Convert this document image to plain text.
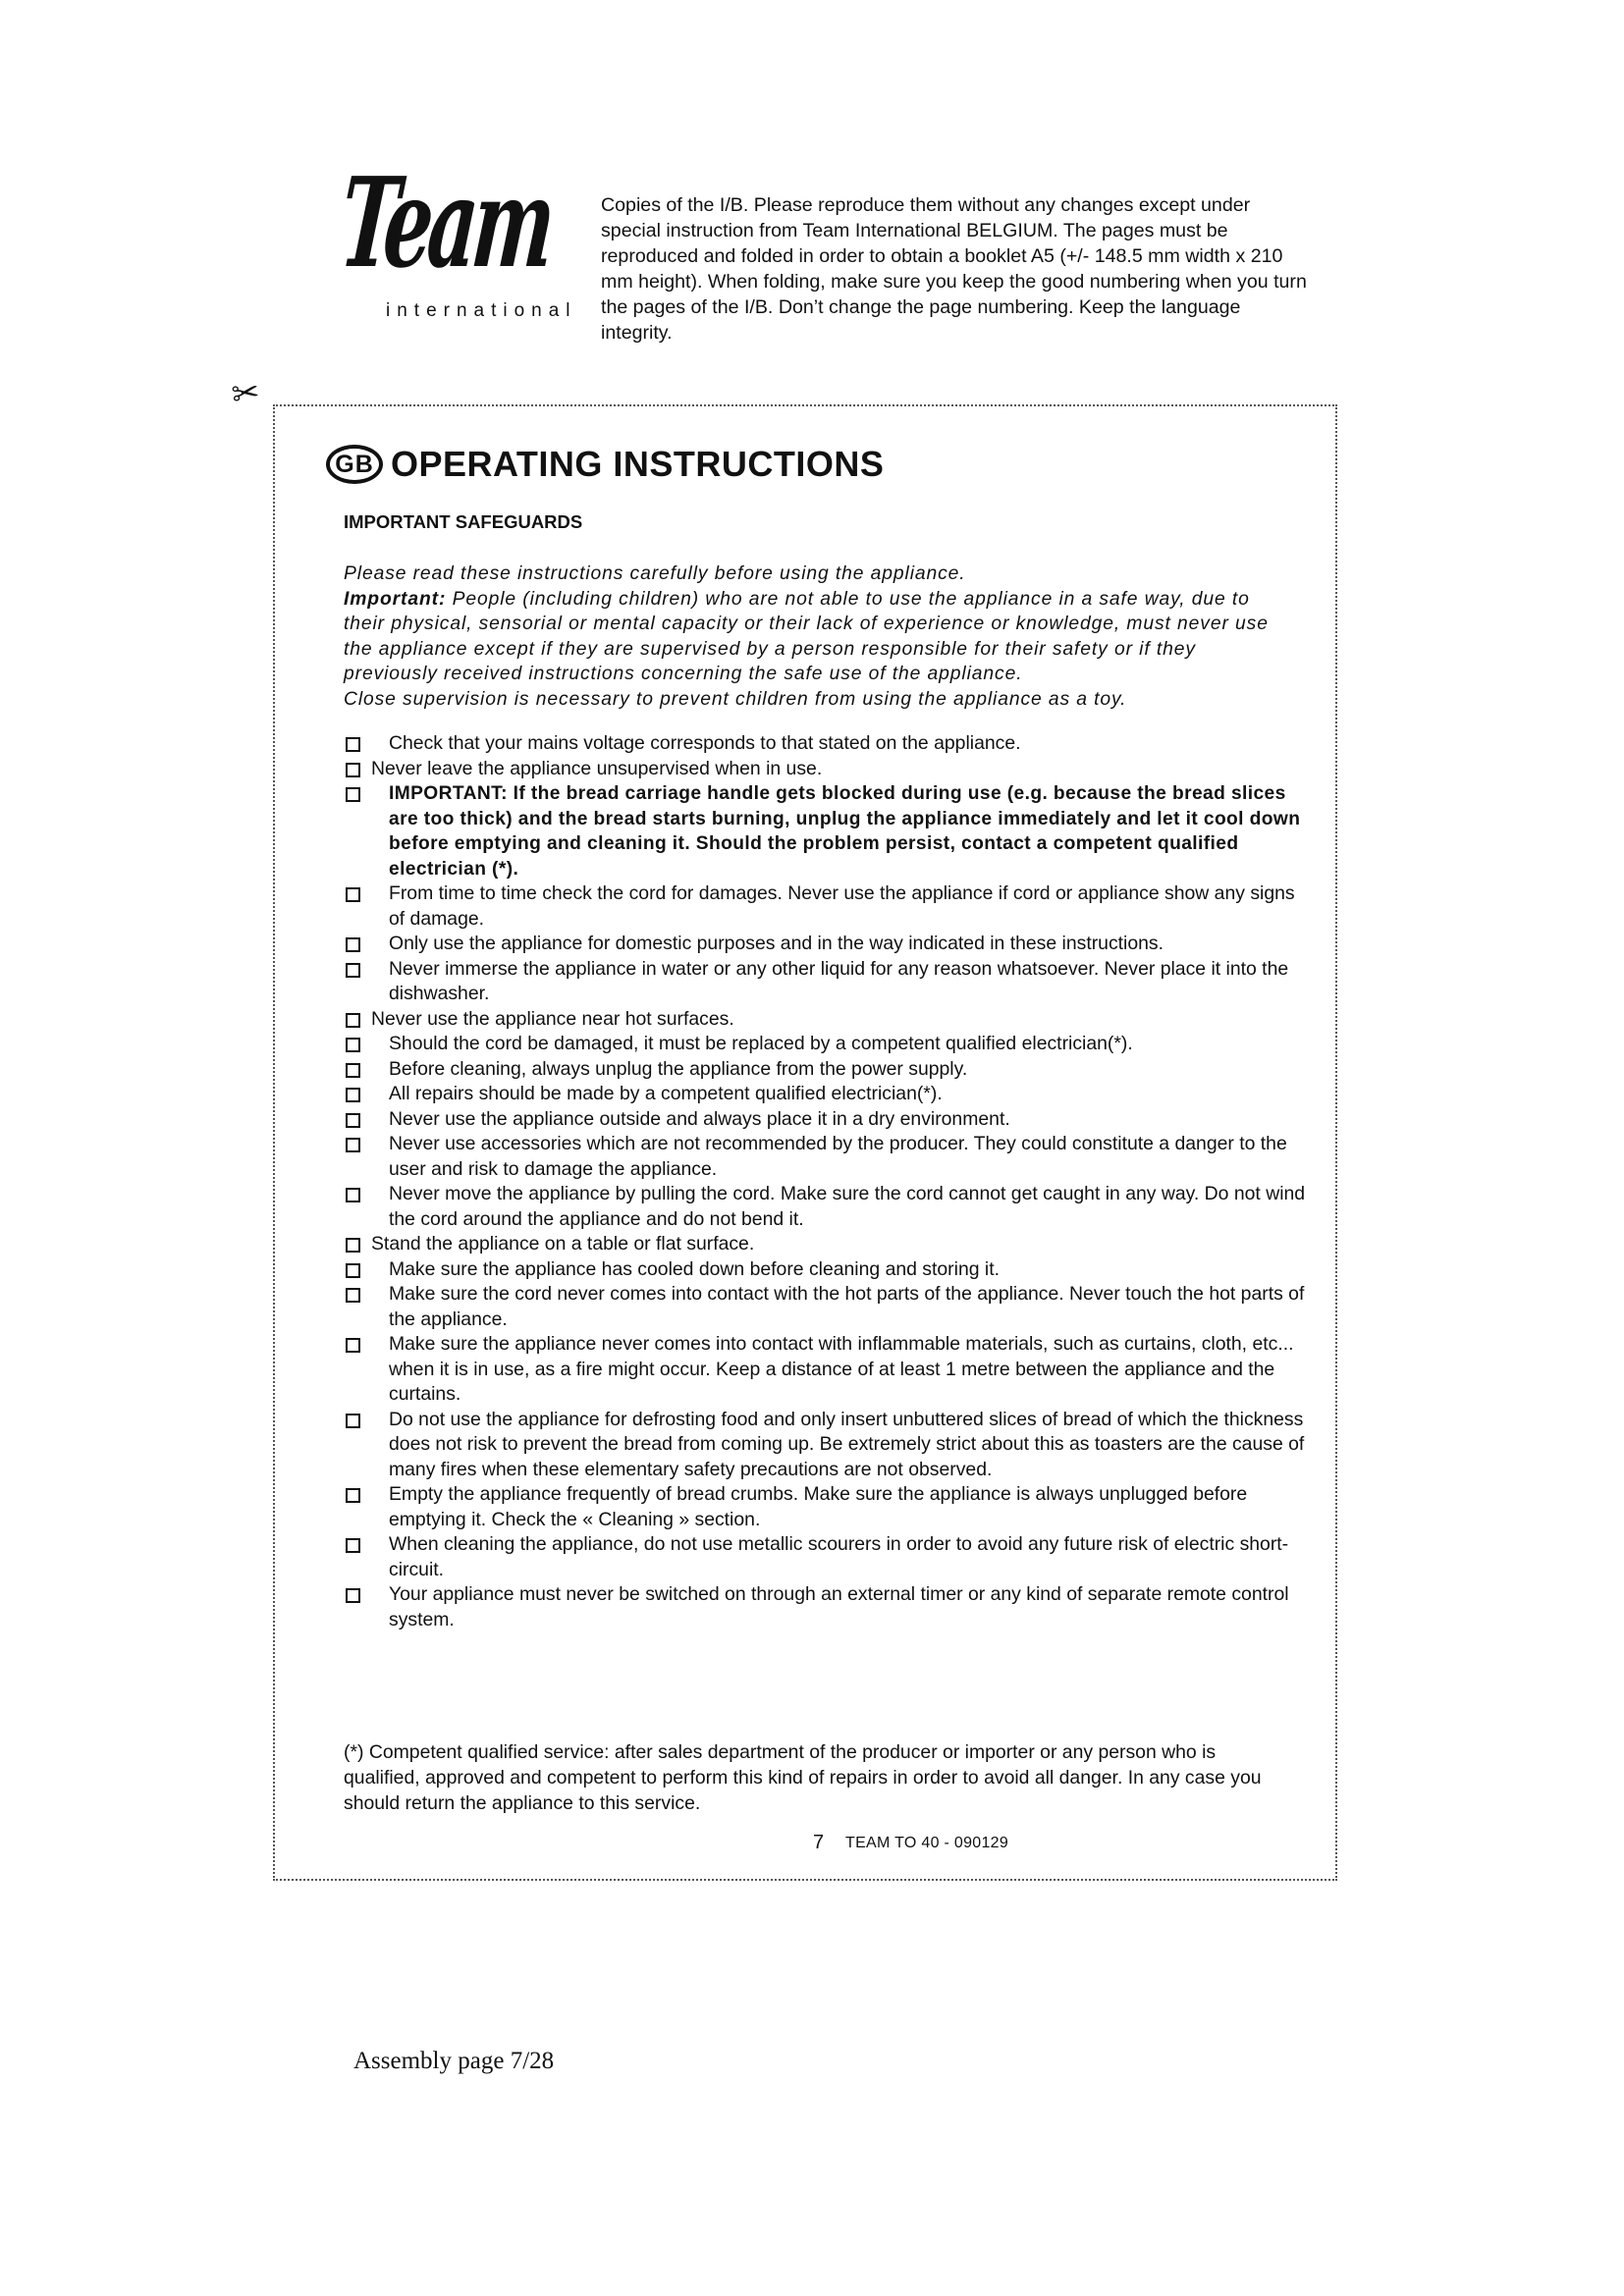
Team
international
Copies of the I/B. Please reproduce them without any changes except under special instruction from Team International BELGIUM. The pages must be reproduced and folded in order to obtain a booklet A5 (+/- 148.5 mm width x 210 mm height). When folding, make sure you keep the good numbering when you turn the pages of the I/B. Don’t change the page numbering. Keep the language integrity.
✂
GB OPERATING INSTRUCTIONS
IMPORTANT SAFEGUARDS

Please read these instructions carefully before using the appliance.

Important: People (including children) who are not able to use the appliance in a safe way, due to their physical, sensorial or mental capacity or their lack of experience or knowledge, must never use the appliance except if they are supervised by a person responsible for their safety or if they previously received instructions concerning the safe use of the appliance.

Close supervision is necessary to prevent children from using the appliance as a toy.

Check that your mains voltage corresponds to that stated on the appliance.
Never leave the appliance unsupervised when in use.
IMPORTANT: If the bread carriage handle gets blocked during use (e.g. because the bread slices are too thick) and the bread starts burning, unplug the appliance immediately and let it cool down before emptying and cleaning it. Should the problem persist, contact a competent qualified electrician (*).
From time to time check the cord for damages. Never use the appliance if cord or appliance show any signs of damage.
Only use the appliance for domestic purposes and in the way indicated in these instructions.
Never immerse the appliance in water or any other liquid for any reason whatsoever. Never place it into the dishwasher.
Never use the appliance near hot surfaces.
Should the cord be damaged, it must be replaced by a competent qualified electrician(*).
Before cleaning, always unplug the appliance from the power supply.
All repairs should be made by a competent qualified electrician(*).
Never use the appliance outside and always place it in a dry environment.
Never use accessories which are not recommended by the producer. They could constitute a danger to the user and risk to damage the appliance.
Never move the appliance by pulling the cord. Make sure the cord cannot get caught in any way. Do not wind the cord around the appliance and do not bend it.
Stand the appliance on a table or flat surface.
Make sure the appliance has cooled down before cleaning and storing it.
Make sure the cord never comes into contact with the hot parts of the appliance. Never touch the hot parts of the appliance.
Make sure the appliance never comes into contact with inflammable materials, such as curtains, cloth, etc... when it is in use, as a fire might occur. Keep a distance of at least 1 metre between the appliance and the curtains.
Do not use the appliance for defrosting food and only insert unbuttered slices of bread of which the thickness does not risk to prevent the bread from coming up. Be extremely strict about this as toasters are the cause of many fires when these elementary safety precautions are not observed.
Empty the appliance frequently of bread crumbs. Make sure the appliance is always unplugged before emptying it. Check the « Cleaning » section.
When cleaning the appliance, do not use metallic scourers in order to avoid any future risk of electric short-circuit.
Your appliance must never be switched on through an external timer or any kind of separate remote control system.

(*) Competent qualified service: after sales department of the producer or importer or any person who is qualified, approved and competent to perform this kind of repairs in order to avoid all danger. In any case you should return the appliance to this service.

7 TEAM TO 40 - 090129
Assembly page 7/28
